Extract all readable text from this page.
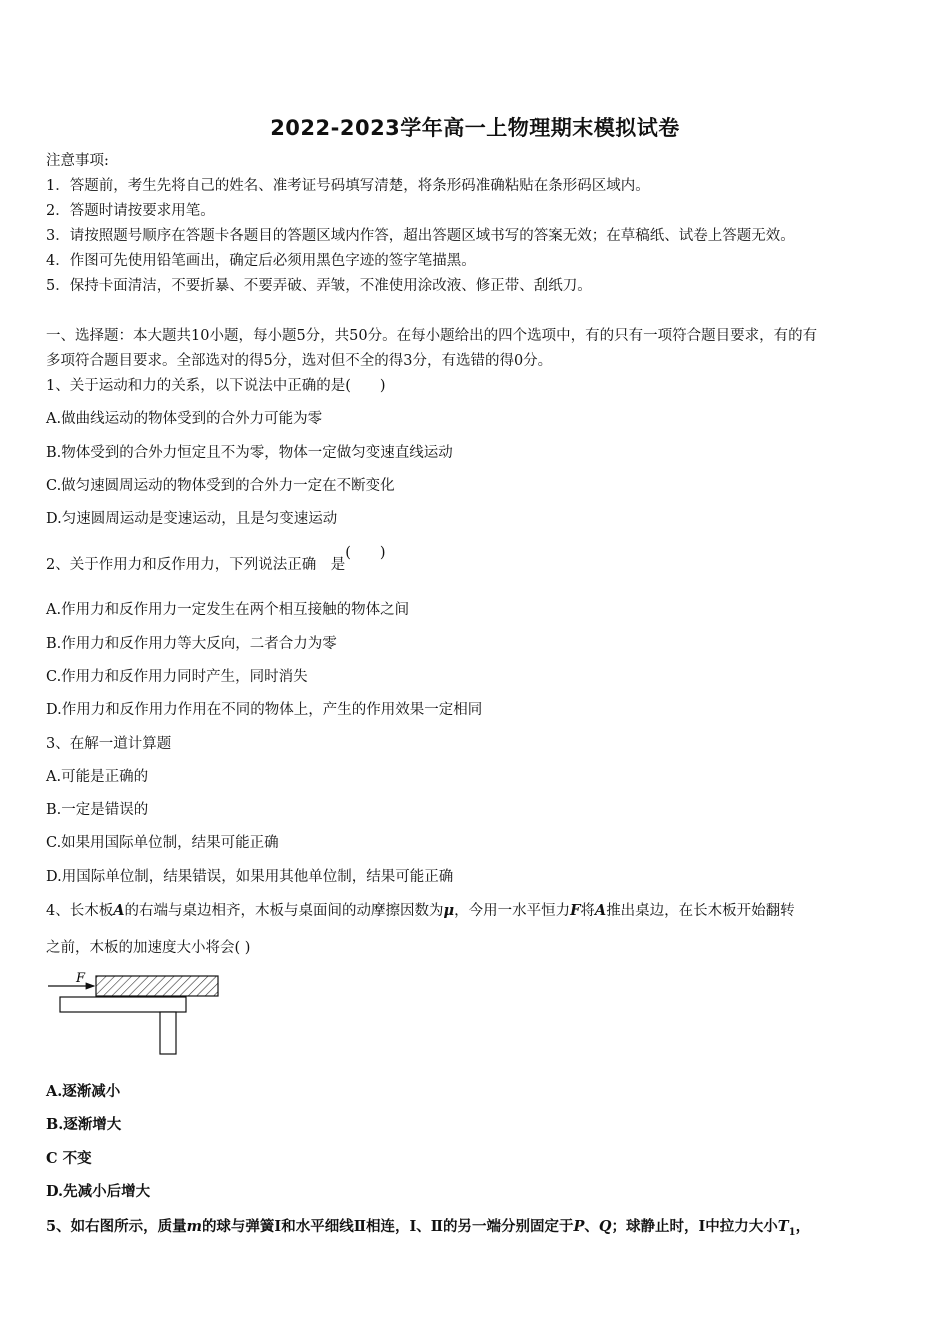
2022-2023学年高一上物理期末模拟试卷
注意事项:
1．答题前，考生先将自己的姓名、准考证号码填写清楚，将条形码准确粘贴在条形码区域内。
2．答题时请按要求用笔。
3．请按照题号顺序在答题卡各题目的答题区域内作答，超出答题区域书写的答案无效；在草稿纸、试卷上答题无效。
4．作图可先使用铅笔画出，确定后必须用黑色字迹的签字笔描黑。
5．保持卡面清洁，不要折暴、不要弄破、弄皱，不准使用涂改液、修正带、刮纸刀。
一、选择题：本大题共10小题，每小题5分，共50分。在每小题给出的四个选项中，有的只有一项符合题目要求，有的有
多项符合题目要求。全部选对的得5分，选对但不全的得3分，有选错的得0分。
1、关于运动和力的关系，以下说法中正确的是(　　)
A.做曲线运动的物体受到的合外力可能为零
B.物体受到的合外力恒定且不为零，物体一定做匀变速直线运动
C.做匀速圆周运动的物体受到的合外力一定在不断变化
D.匀速圆周运动是变速运动，且是匀变速运动
2、关于作用力和反作用力，下列说法正确　是(　　)
A.作用力和反作用力一定发生在两个相互接触的物体之间
B.作用力和反作用力等大反向，二者合力为零
C.作用力和反作用力同时产生，同时消失
D.作用力和反作用力作用在不同的物体上，产生的作用效果一定相同
3、在解一道计算题
A.可能是正确的
B.一定是错误的
C.如果用国际单位制，结果可能正确
D.用国际单位制，结果错误，如果用其他单位制，结果可能正确
4、长木板A的右端与桌边相齐，木板与桌面间的动摩擦因数为μ，今用一水平恒力F将A推出桌边，在长木板开始翻转
之前，木板的加速度大小将会( )
F
A.逐渐减小
B.逐渐增大
C 不变
D.先减小后增大
5、如右图所示，质量m的球与弹簧Ⅰ和水平细线Ⅱ相连，Ⅰ、Ⅱ的另一端分别固定于P、Q；球静止时，Ⅰ中拉力大小$T_1$，
